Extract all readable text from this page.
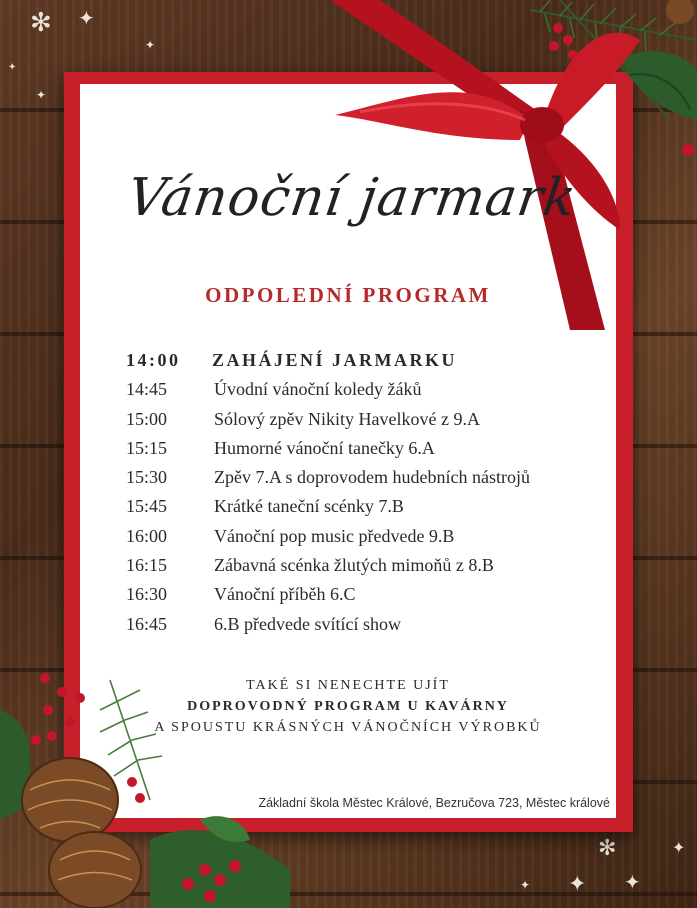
✻ ✦
✦
✦
✦
✻
✦ ✦
✦
✦
Vánoční jarmark
ODPOLEDNÍ PROGRAM
14:00 ZAHÁJENÍ JARMARKU
14:45	Úvodní vánoční koledy žáků
15:00	Sólový zpěv Nikity Havelkové z 9.A
15:15	Humorné vánoční tanečky 6.A
15:30	Zpěv 7.A s doprovodem hudebních nástrojů
15:45	Krátké taneční scénky 7.B
16:00	Vánoční pop music předvede 9.B
16:15	Zábavná scénka žlutých mimoňů z 8.B
16:30	Vánoční příběh 6.C
16:45	6.B předvede svítící show
TAKÉ SI NENECHTE UJÍT
DOPROVODNÝ PROGRAM U KAVÁRNY
A SPOUSTU KRÁSNÝCH VÁNOČNÍCH VÝROBKŮ
Základní škola Městec Králové, Bezručova 723, Městec králové
